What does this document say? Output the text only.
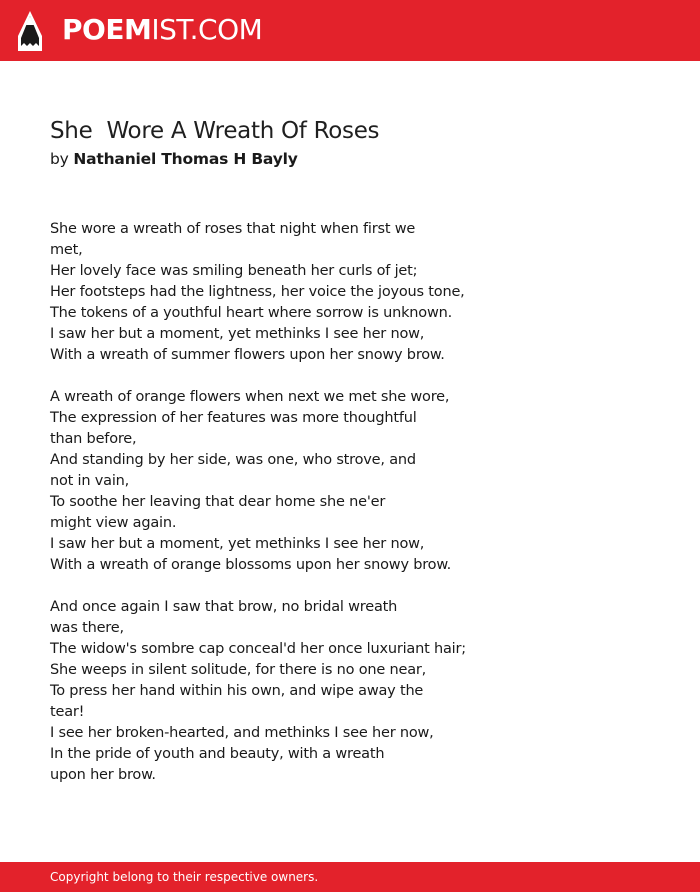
POEMIST.COM
She  Wore A Wreath Of Roses
by Nathaniel Thomas H Bayly
She wore a wreath of roses that night when first we
met,
Her lovely face was smiling beneath her curls of jet;
Her footsteps had the lightness, her voice the joyous tone,
The tokens of a youthful heart where sorrow is unknown.
I saw her but a moment, yet methinks I see her now,
With a wreath of summer flowers upon her snowy brow.
A wreath of orange flowers when next we met she wore,
The expression of her features was more thoughtful
than before,
And standing by her side, was one, who strove, and
not in vain,
To soothe her leaving that dear home she ne'er
might view again.
I saw her but a moment, yet methinks I see her now,
With a wreath of orange blossoms upon her snowy brow.
And once again I saw that brow, no bridal wreath
was there,
The widow's sombre cap conceal'd her once luxuriant hair;
She weeps in silent solitude, for there is no one near,
To press her hand within his own, and wipe away the
tear!
I see her broken-hearted, and methinks I see her now,
In the pride of youth and beauty, with a wreath
upon her brow.
Copyright belong to their respective owners.
